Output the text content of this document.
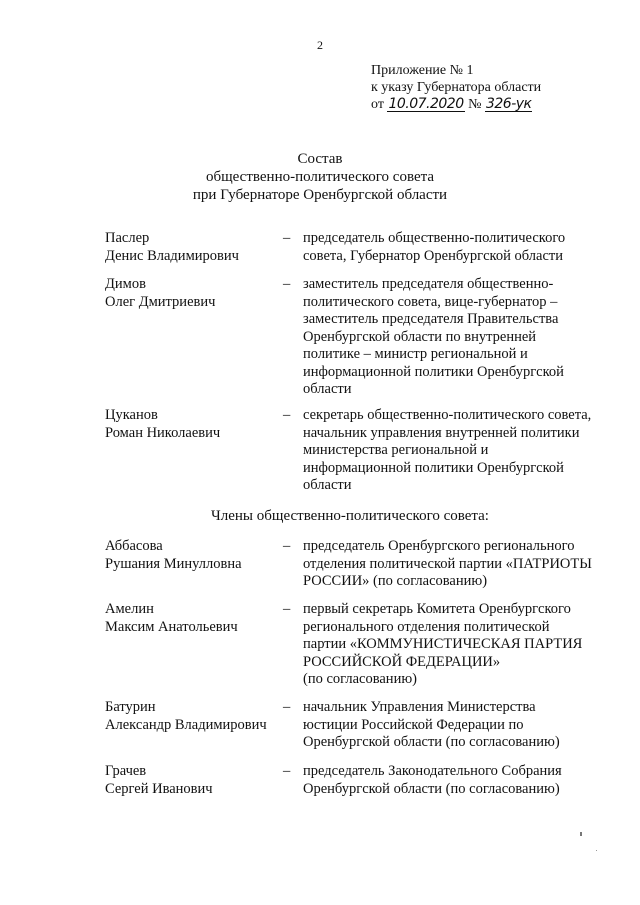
2
Приложение № 1
к указу Губернатора области
от 10.07.2020 № 326-ук
Состав
общественно-политического совета
при Губернаторе Оренбургской области
Паслер
Денис Владимирович
– председатель общественно-политического
совета, Губернатор Оренбургской области
Димов
Олег Дмитриевич
– заместитель председателя общественно-
политического совета, вице-губернатор –
заместитель председателя Правительства
Оренбургской области по внутренней
политике – министр региональной и
информационной политики Оренбургской
области
Цуканов
Роман Николаевич
– секретарь общественно-политического совета,
начальник управления внутренней политики
министерства региональной и
информационной политики Оренбургской
области
Члены общественно-политического совета:
Аббасова
Рушания Минулловна
– председатель Оренбургского регионального
отделения политической партии «ПАТРИОТЫ
РОССИИ» (по согласованию)
Амелин
Максим Анатольевич
– первый секретарь Комитета Оренбургского
регионального отделения политической
партии «КОММУНИСТИЧЕСКАЯ ПАРТИЯ
РОССИЙСКОЙ ФЕДЕРАЦИИ»
(по согласованию)
Батурин
Александр Владимирович
– начальник Управления Министерства
юстиции Российской Федерации по
Оренбургской области (по согласованию)
Грачев
Сергей Иванович
– председатель Законодательного Собрания
Оренбургской области (по согласованию)
